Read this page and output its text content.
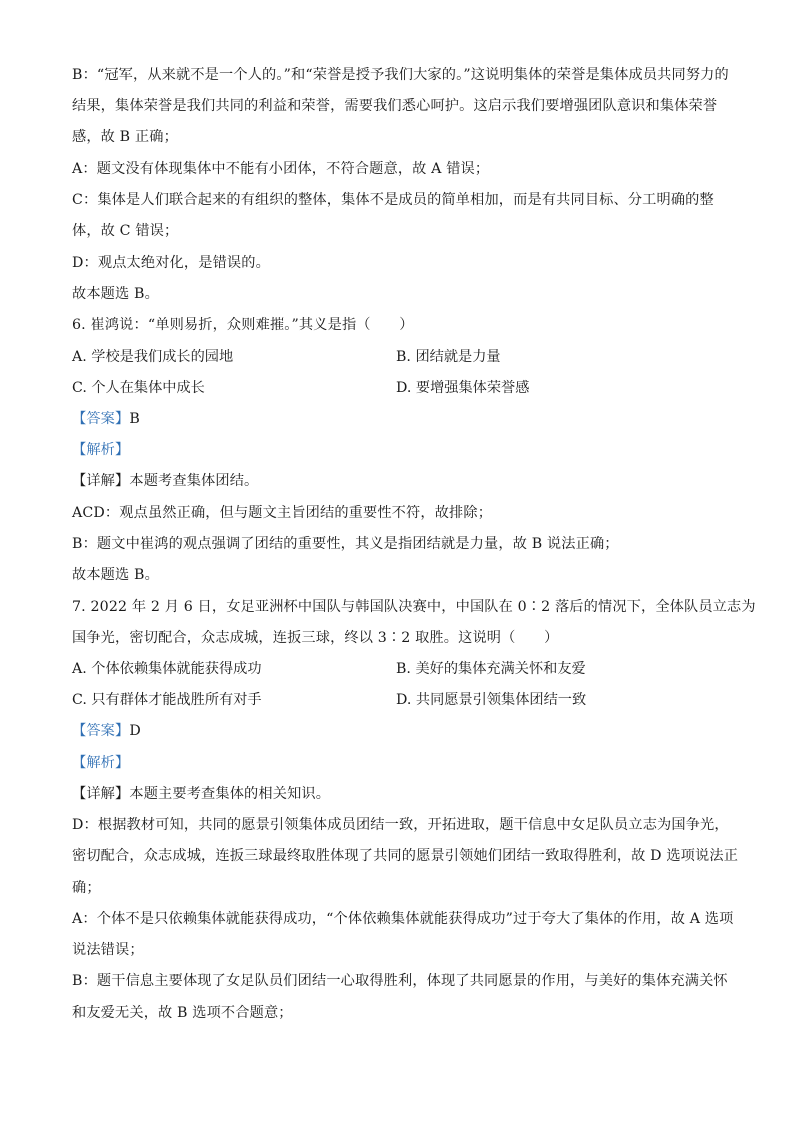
B：“冠军，从来就不是一个人的。”和“荣誉是授予我们大家的。”这说明集体的荣誉是集体成员共同努力的
结果，集体荣誉是我们共同的利益和荣誉，需要我们悉心呵护。这启示我们要增强团队意识和集体荣誉
感，故 B 正确；
A：题文没有体现集体中不能有小团体，不符合题意，故 A 错误；
C：集体是人们联合起来的有组织的整体，集体不是成员的简单相加，而是有共同目标、分工明确的整
体，故 C 错误；
D：观点太绝对化，是错误的。
故本题选 B。
6. 崔鸿说：“单则易折，众则难摧。”其义是指（　　）
A. 学校是我们成长的园地	B. 团结就是力量
C. 个人在集体中成长	D. 要增强集体荣誉感
【答案】B
【解析】
【详解】本题考查集体团结。
ACD：观点虽然正确，但与题文主旨团结的重要性不符，故排除；
B：题文中崔鸿的观点强调了团结的重要性，其义是指团结就是力量，故 B 说法正确；
故本题选 B。
7. 2022 年 2 月 6 日，女足亚洲杯中国队与韩国队决赛中，中国队在 0∶2 落后的情况下，全体队员立志为
国争光，密切配合，众志成城，连扳三球，终以 3∶2 取胜。这说明（　　）
A. 个体依赖集体就能获得成功	B. 美好的集体充满关怀和友爱
C. 只有群体才能战胜所有对手	D. 共同愿景引领集体团结一致
【答案】D
【解析】
【详解】本题主要考查集体的相关知识。
D：根据教材可知，共同的愿景引领集体成员团结一致，开拓进取，题干信息中女足队员立志为国争光，
密切配合，众志成城，连扳三球最终取胜体现了共同的愿景引领她们团结一致取得胜利，故 D 选项说法正
确；
A：个体不是只依赖集体就能获得成功，“个体依赖集体就能获得成功”过于夸大了集体的作用，故 A 选项
说法错误；
B：题干信息主要体现了女足队员们团结一心取得胜利，体现了共同愿景的作用，与美好的集体充满关怀
和友爱无关，故 B 选项不合题意；
